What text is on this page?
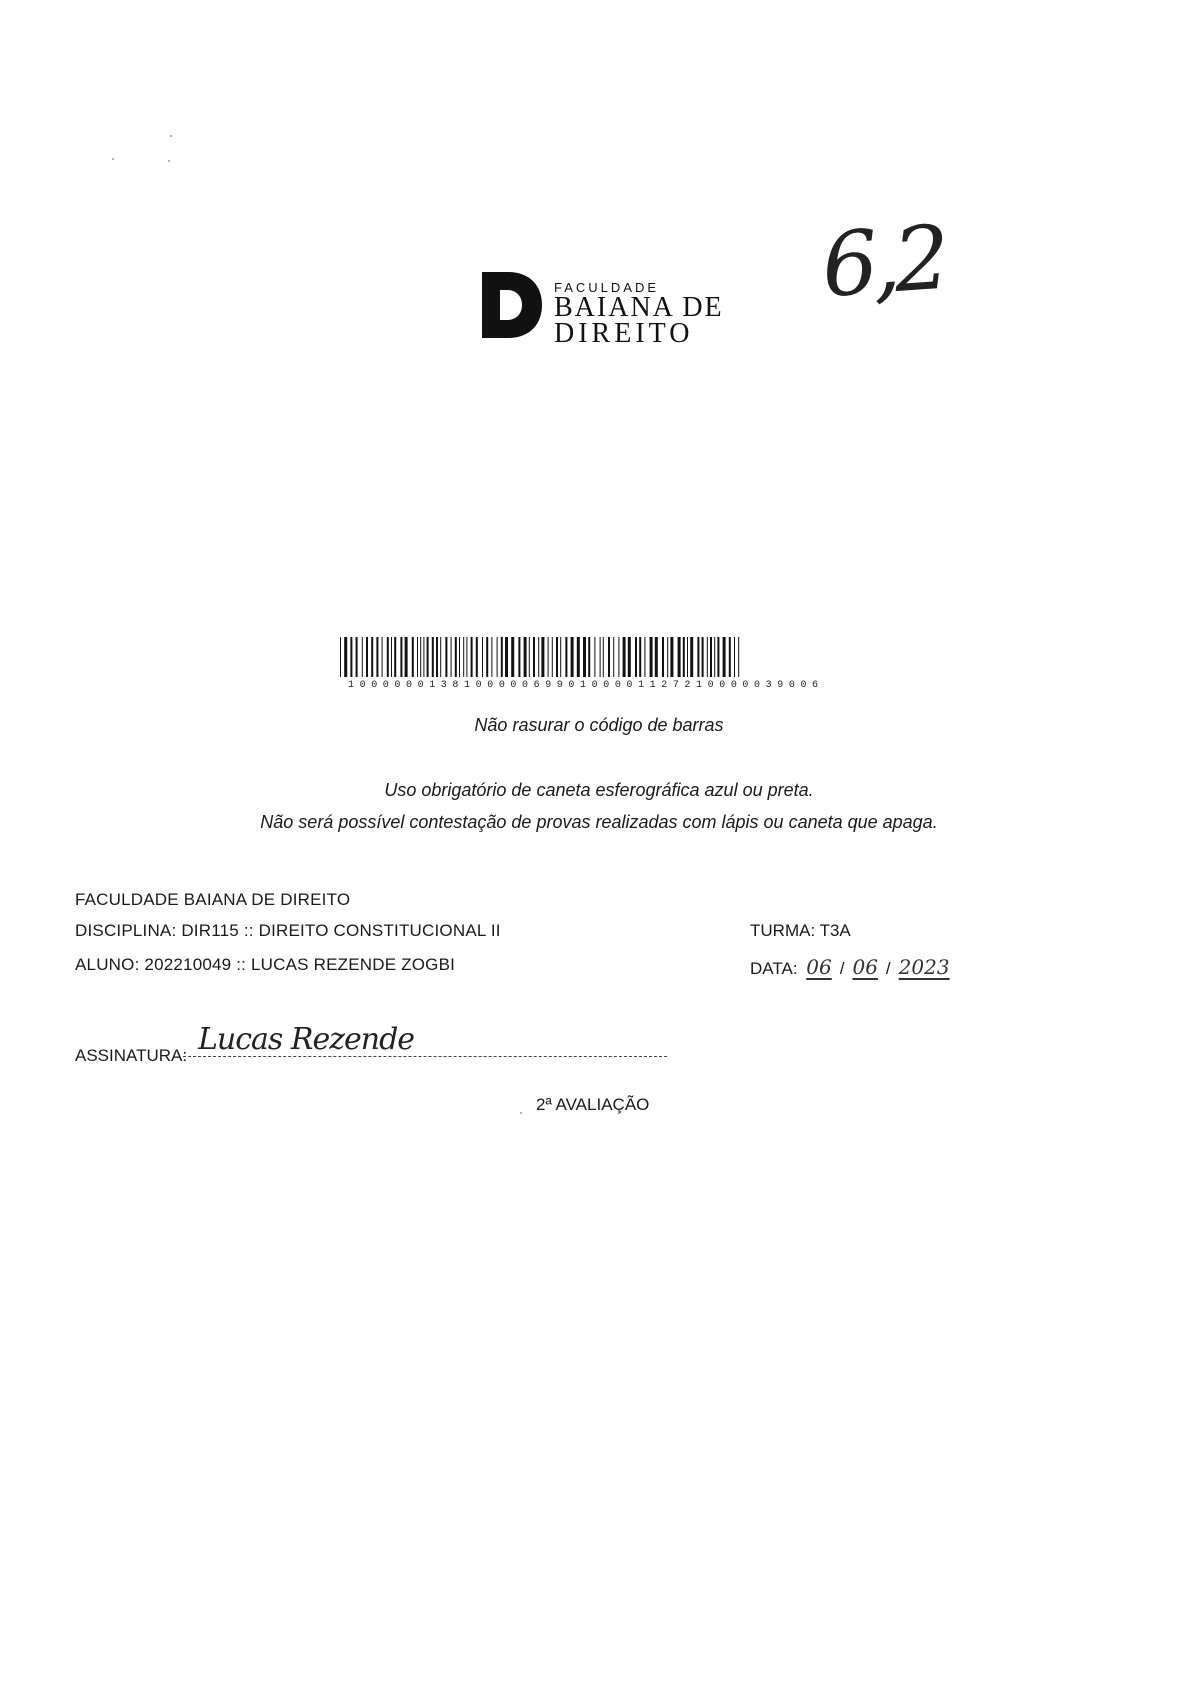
6,2
FACULDADE
BAIANA DE
DIREITO
10000001381000006990100001127210000039006
Não rasurar o código de barras
Uso obrigatório de caneta esferográfica azul ou preta.
Não será possível contestação de provas realizadas com lápis ou caneta que apaga.
FACULDADE BAIANA DE DIREITO
DISCIPLINA: DIR115 :: DIREITO CONSTITUCIONAL II
ALUNO: 202210049 :: LUCAS REZENDE ZOGBI
TURMA: T3A
DATA: 06 / 06 / 2023
ASSINATURA: Lucas Rezende
2ª AVALIAÇÃO
